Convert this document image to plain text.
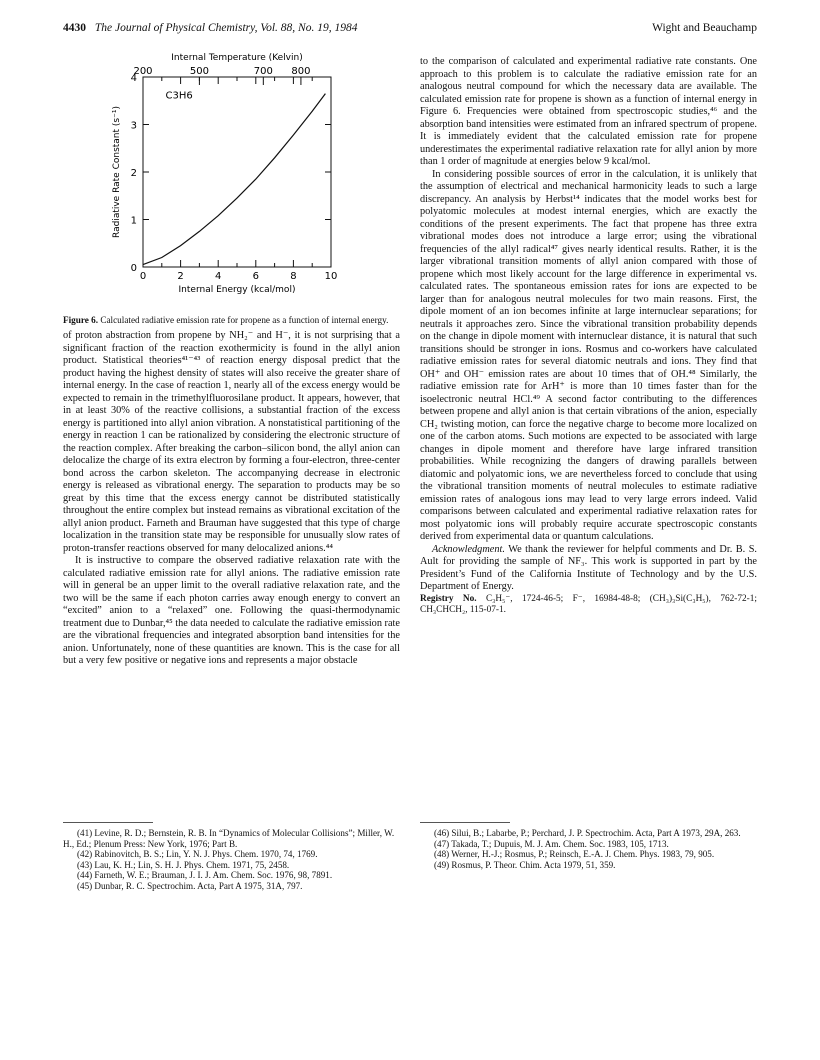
4430 The Journal of Physical Chemistry, Vol. 88, No. 19, 1984	Wight and Beauchamp
0	2	4	6	8	10
0
1
2
3
4
200	500	700 800
Internal Temperature (Kelvin)
Internal Energy (kcal/mol)
Radiative Rate Constant (s⁻¹)
C3H6

Figure 6. Calculated radiative emission rate for propene as a function of internal energy.

of proton abstraction from propene by NH₂⁻ and H⁻, it is not surprising that a significant fraction of the reaction exothermicity is found in the allyl anion product. Statistical theories⁴¹⁻⁴³ of reaction energy disposal predict that the product having the highest density of states will also receive the greater share of internal energy. In the case of reaction 1, nearly all of the excess energy would be expected to remain in the trimethylfluorosilane product. It appears, however, that in at least 30% of the reactive collisions, a substantial fraction of the excess energy is partitioned into allyl anion vibration. A nonstatistical partitioning of the energy in reaction 1 can be rationalized by considering the electronic structure of the reaction complex. After breaking the carbon–silicon bond, the allyl anion can delocalize the charge of its extra electron by forming a four-electron, three-center bond across the carbon skeleton. The accompanying decrease in electronic energy is released as vibrational energy. The separation to products may be so great by this time that the excess energy cannot be distributed statistically throughout the entire complex but instead remains as vibrational excitation of the allyl anion product. Farneth and Brauman have suggested that this type of charge localization in the transition state may be responsible for unusually slow rates of proton-transfer reactions observed for many delocalized anions.⁴⁴

It is instructive to compare the observed radiative relaxation rate with the calculated radiative emission rate for allyl anions. The radiative emission rate will in general be an upper limit to the overall radiative relaxation rate, and the two will be the same if each photon carries away enough energy to convert an “excited” anion to a “relaxed” one. Following the quasi-thermodynamic treatment due to Dunbar,⁴⁵ the data needed to calculate the radiative emission rate are the vibrational frequencies and integrated absorption band intensities for the anion. Unfortunately, none of these quantities are known. This is the case for all but a very few positive or negative ions and represents a major obstacle

to the comparison of calculated and experimental radiative rate constants. One approach to this problem is to calculate the radiative emission rate for an analogous neutral compound for which the necessary data are available. The calculated emission rate for propene is shown as a function of internal energy in Figure 6. Frequencies were obtained from spectroscopic studies,⁴⁶ and the absorption band intensities were estimated from an infrared spectrum of propene. It is immediately evident that the calculated emission rate for propene underestimates the experimental radiative relaxation rate for allyl anion by more than 1 order of magnitude at energies below 9 kcal/mol.

In considering possible sources of error in the calculation, it is unlikely that the assumption of electrical and mechanical harmonicity leads to such a large discrepancy. An analysis by Herbst¹⁴ indicates that the model works best for polyatomic molecules at modest internal energies, which are exactly the conditions of the present experiments. The fact that propene has three extra vibrational modes does not introduce a large error; using the vibrational frequencies of the allyl radical⁴⁷ gives nearly identical results. Rather, it is the larger vibrational transition moments of allyl anion compared with those of propene which most likely account for the large difference in experimental vs. calculated rates. The spontaneous emission rates for ions are expected to be larger than for analogous neutral molecules for two main reasons. First, the dipole moment of an ion becomes infinite at large internuclear separations; for neutrals it approaches zero. Since the vibrational transition probability depends on the change in dipole moment with internuclear distance, it is natural that such transitions should be stronger in ions. Rosmus and co-workers have calculated radiative emission rates for several diatomic neutrals and ions. They find that OH⁺ and OH⁻ emission rates are about 10 times that of OH.⁴⁸ Similarly, the radiative emission rate for ArH⁺ is more than 10 times faster than for the isoelectronic neutral HCl.⁴⁹ A second factor contributing to the differences between propene and allyl anion is that certain vibrations of the anion, especially CH₂ twisting motion, can force the negative charge to become more localized on one of the carbon atoms. Such motions are expected to be associated with large changes in dipole moment and therefore have large infrared transition probabilities. While recognizing the dangers of drawing parallels between diatomic and polyatomic ions, we are nevertheless forced to conclude that using the vibrational transition moments of neutral molecules to estimate radiative emission rates of analogous ions may lead to very large errors indeed. Valid comparisons between calculated and experimental radiative relaxation rates for most polyatomic ions will probably require accurate spectroscopic constants derived from experimental data or quantum calculations.

Acknowledgment. We thank the reviewer for helpful comments and Dr. B. S. Ault for providing the sample of NF₃. This work is supported in part by the President’s Fund of the California Institute of Technology and by the U.S. Department of Energy.

Registry No. C₃H₅⁻, 1724-46-5; F⁻, 16984-48-8; (CH₃)₃Si(C₃H₅), 762-72-1; CH₃CHCH₂, 115-07-1.

(41) Levine, R. D.; Bernstein, R. B. In “Dynamics of Molecular Collisions”; Miller, W. H., Ed.; Plenum Press: New York, 1976; Part B.
(42) Rabinovitch, B. S.; Lin, Y. N. J. Phys. Chem. 1970, 74, 1769.
(43) Lau, K. H.; Lin, S. H. J. Phys. Chem. 1971, 75, 2458.
(44) Farneth, W. E.; Brauman, J. I. J. Am. Chem. Soc. 1976, 98, 7891.
(45) Dunbar, R. C. Spectrochim. Acta, Part A 1975, 31A, 797.
(46) Silui, B.; Labarbe, P.; Perchard, J. P. Spectrochim. Acta, Part A 1973, 29A, 263.
(47) Takada, T.; Dupuis, M. J. Am. Chem. Soc. 1983, 105, 1713.
(48) Werner, H.-J.; Rosmus, P.; Reinsch, E.-A. J. Chem. Phys. 1983, 79, 905.
(49) Rosmus, P. Theor. Chim. Acta 1979, 51, 359.
